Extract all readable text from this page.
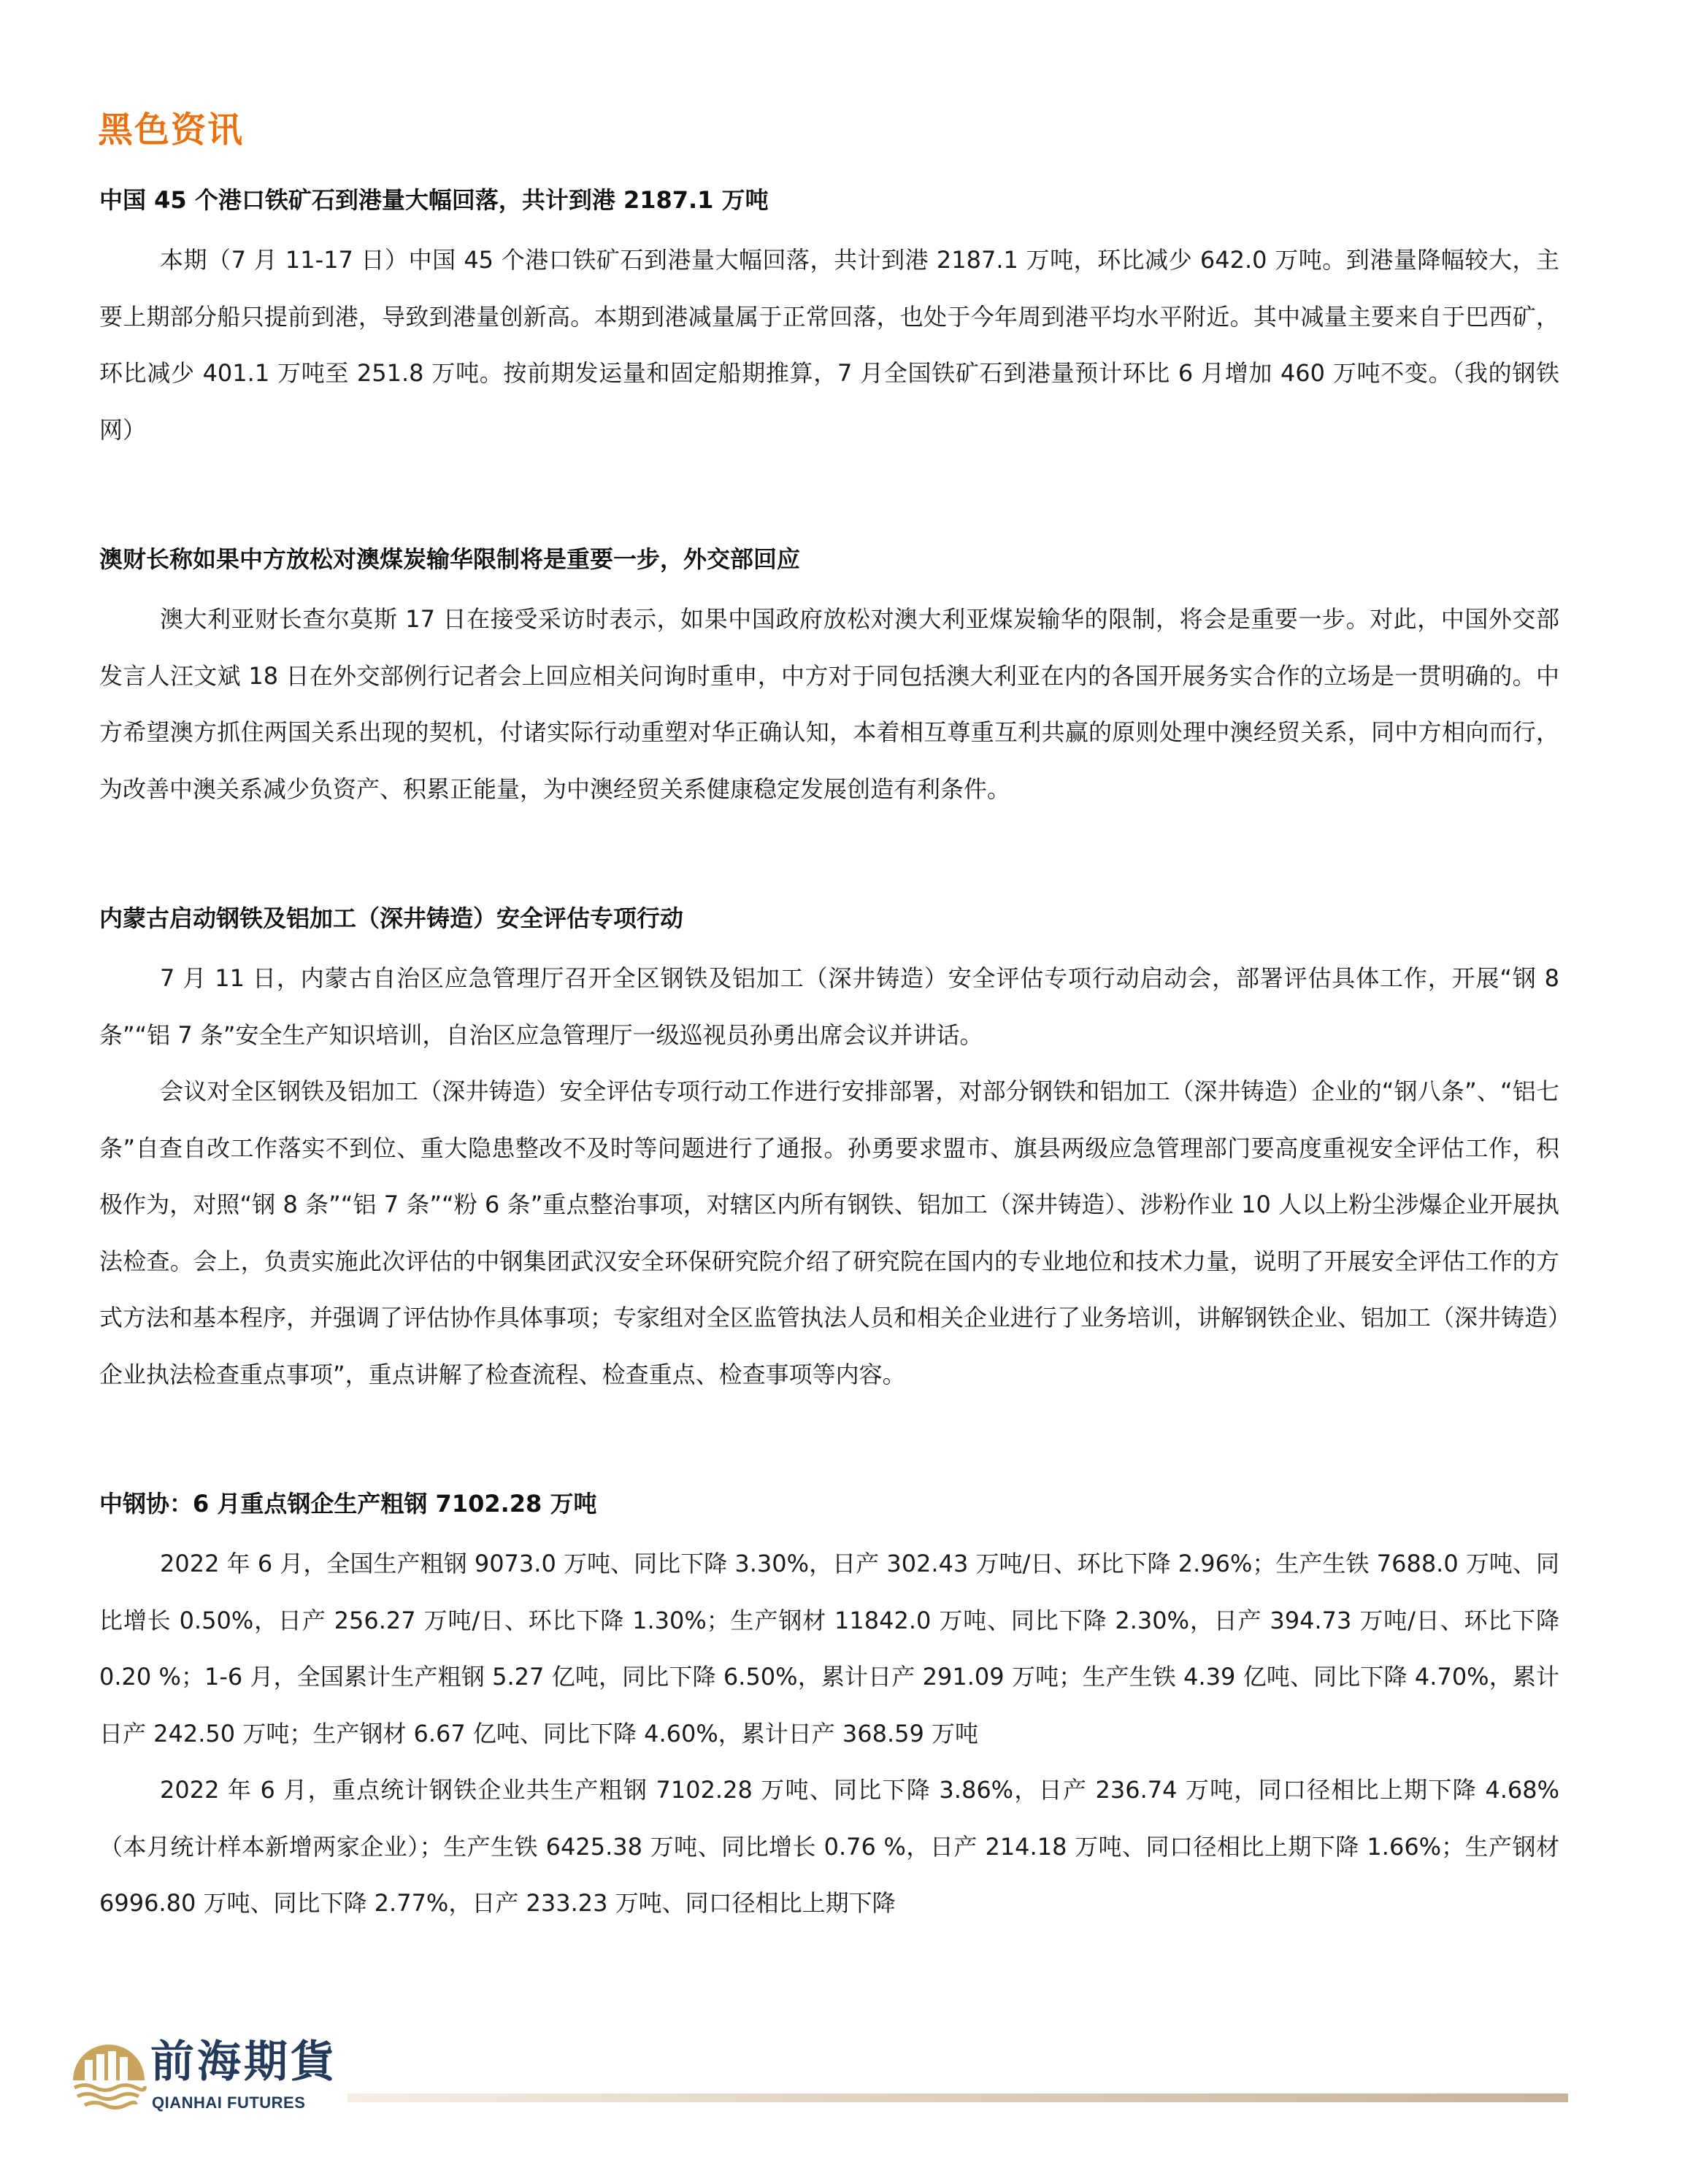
黑色资讯
中国 45 个港口铁矿石到港量大幅回落，共计到港 2187.1 万吨

本期（7 月 11-17 日）中国 45 个港口铁矿石到港量大幅回落，共计到港 2187.1 万吨，环比减少 642.0 万吨。到港量降幅较大，主要上期部分船只提前到港，导致到港量创新高。本期到港减量属于正常回落，也处于今年周到港平均水平附近。其中减量主要来自于巴西矿，环比减少 401.1 万吨至 251.8 万吨。按前期发运量和固定船期推算，7 月全国铁矿石到港量预计环比 6 月增加 460 万吨不变。（我的钢铁网）

澳财长称如果中方放松对澳煤炭输华限制将是重要一步，外交部回应

澳大利亚财长查尔莫斯 17 日在接受采访时表示，如果中国政府放松对澳大利亚煤炭输华的限制，将会是重要一步。对此，中国外交部发言人汪文斌 18 日在外交部例行记者会上回应相关问询时重申，中方对于同包括澳大利亚在内的各国开展务实合作的立场是一贯明确的。中方希望澳方抓住两国关系出现的契机，付诸实际行动重塑对华正确认知，本着相互尊重互利共赢的原则处理中澳经贸关系，同中方相向而行，为改善中澳关系减少负资产、积累正能量，为中澳经贸关系健康稳定发展创造有利条件。

内蒙古启动钢铁及铝加工（深井铸造）安全评估专项行动

7 月 11 日，内蒙古自治区应急管理厅召开全区钢铁及铝加工（深井铸造）安全评估专项行动启动会，部署评估具体工作，开展“钢 8 条”“铝 7 条”安全生产知识培训，自治区应急管理厅一级巡视员孙勇出席会议并讲话。

会议对全区钢铁及铝加工（深井铸造）安全评估专项行动工作进行安排部署，对部分钢铁和铝加工（深井铸造）企业的“钢八条”、“铝七条”自查自改工作落实不到位、重大隐患整改不及时等问题进行了通报。孙勇要求盟市、旗县两级应急管理部门要高度重视安全评估工作，积极作为，对照“钢 8 条”“铝 7 条”“粉 6 条”重点整治事项，对辖区内所有钢铁、铝加工（深井铸造）、涉粉作业 10 人以上粉尘涉爆企业开展执法检查。会上，负责实施此次评估的中钢集团武汉安全环保研究院介绍了研究院在国内的专业地位和技术力量，说明了开展安全评估工作的方式方法和基本程序，并强调了评估协作具体事项；专家组对全区监管执法人员和相关企业进行了业务培训，讲解钢铁企业、铝加工（深井铸造）企业执法检查重点事项”，重点讲解了检查流程、检查重点、检查事项等内容。

中钢协：6 月重点钢企生产粗钢 7102.28 万吨

2022 年 6 月，全国生产粗钢 9073.0 万吨、同比下降 3.30%，日产 302.43 万吨/日、环比下降 2.96%；生产生铁 7688.0 万吨、同比增长 0.50%，日产 256.27 万吨/日、环比下降 1.30%；生产钢材 11842.0 万吨、同比下降 2.30%，日产 394.73 万吨/日、环比下降 0.20 %；1-6 月，全国累计生产粗钢 5.27 亿吨，同比下降 6.50%，累计日产 291.09 万吨；生产生铁 4.39 亿吨、同比下降 4.70%，累计日产 242.50 万吨；生产钢材 6.67 亿吨、同比下降 4.60%，累计日产 368.59 万吨

2022 年 6 月，重点统计钢铁企业共生产粗钢 7102.28 万吨、同比下降 3.86%，日产 236.74 万吨，同口径相比上期下降 4.68%（本月统计样本新增两家企业）；生产生铁 6425.38 万吨、同比增长 0.76 %，日产 214.18 万吨、同口径相比上期下降 1.66%；生产钢材 6996.80 万吨、同比下降 2.77%，日产 233.23 万吨、同口径相比上期下降

前海期貨
QIANHAI FUTURES
